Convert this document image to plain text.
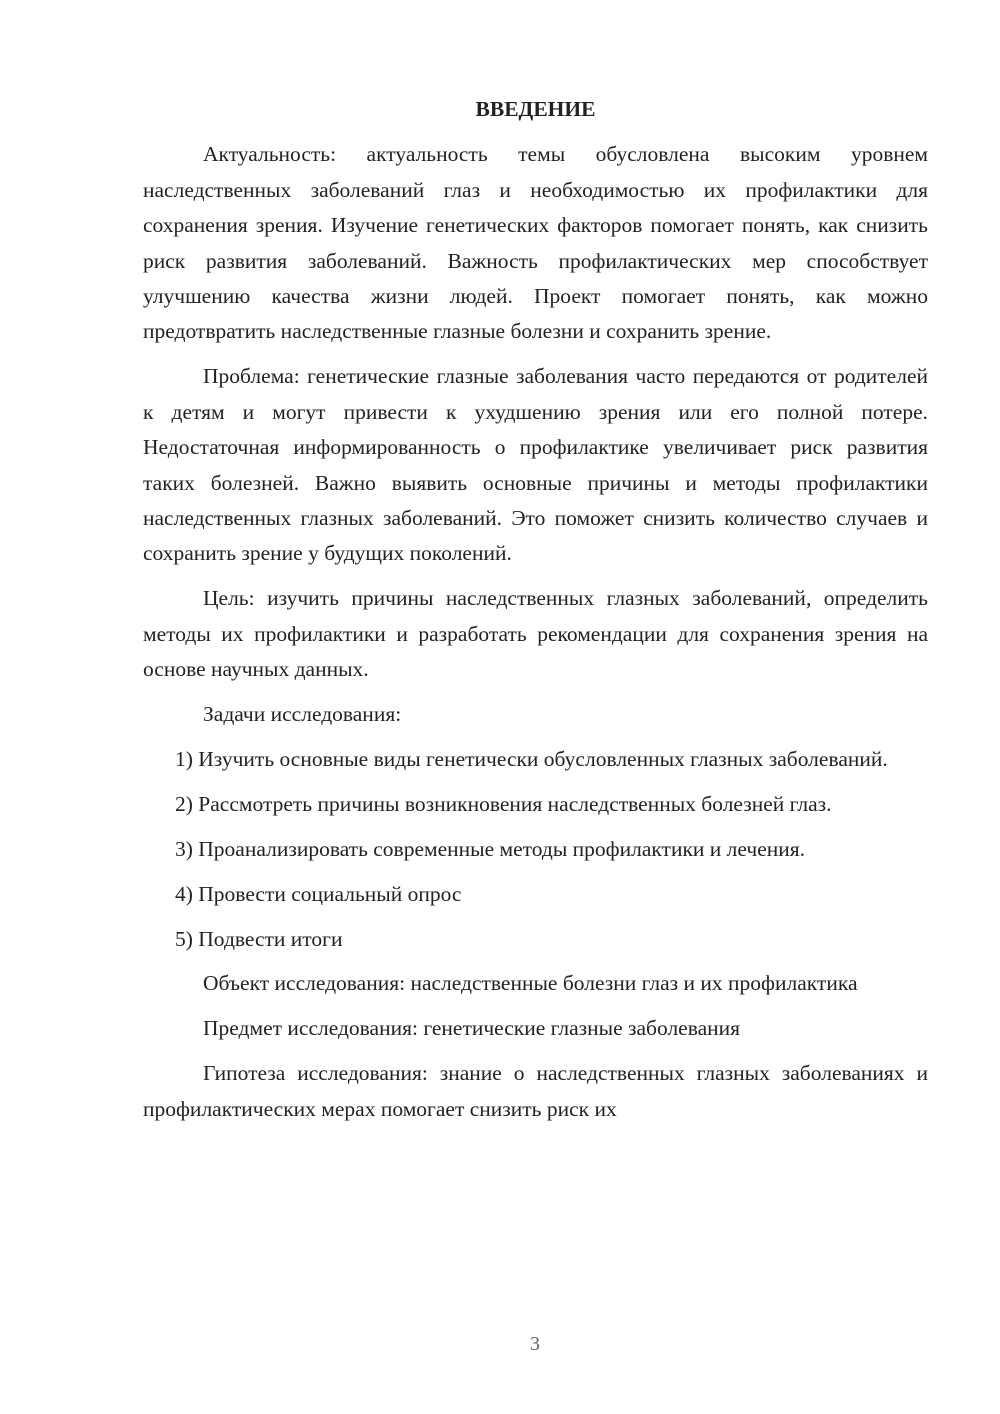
ВВЕДЕНИЕ

Актуальность: актуальность темы обусловлена высоким уровнем наследственных заболеваний глаз и необходимостью их профилактики для сохранения зрения. Изучение генетических факторов помогает понять, как снизить риск развития заболеваний. Важность профилактических мер способствует улучшению качества жизни людей. Проект помогает понять, как можно предотвратить наследственные глазные болезни и сохранить зрение.

Проблема: генетические глазные заболевания часто передаются от родителей к детям и могут привести к ухудшению зрения или его полной потере. Недостаточная информированность о профилактике увеличивает риск развития таких болезней. Важно выявить основные причины и методы профилактики наследственных глазных заболеваний. Это поможет снизить количество случаев и сохранить зрение у будущих поколений.

Цель: изучить причины наследственных глазных заболеваний, определить методы их профилактики и разработать рекомендации для сохранения зрения на основе научных данных.

Задачи исследования:

1) Изучить основные виды генетически обусловленных глазных заболеваний.

2) Рассмотреть причины возникновения наследственных болезней глаз.

3) Проанализировать современные методы профилактики и лечения.

4) Провести социальный опрос

5) Подвести итоги

Объект исследования: наследственные болезни глаз и их профилактика

Предмет исследования: генетические глазные заболевания

Гипотеза исследования: знание о наследственных глазных заболеваниях и профилактических мерах помогает снизить риск их

3
